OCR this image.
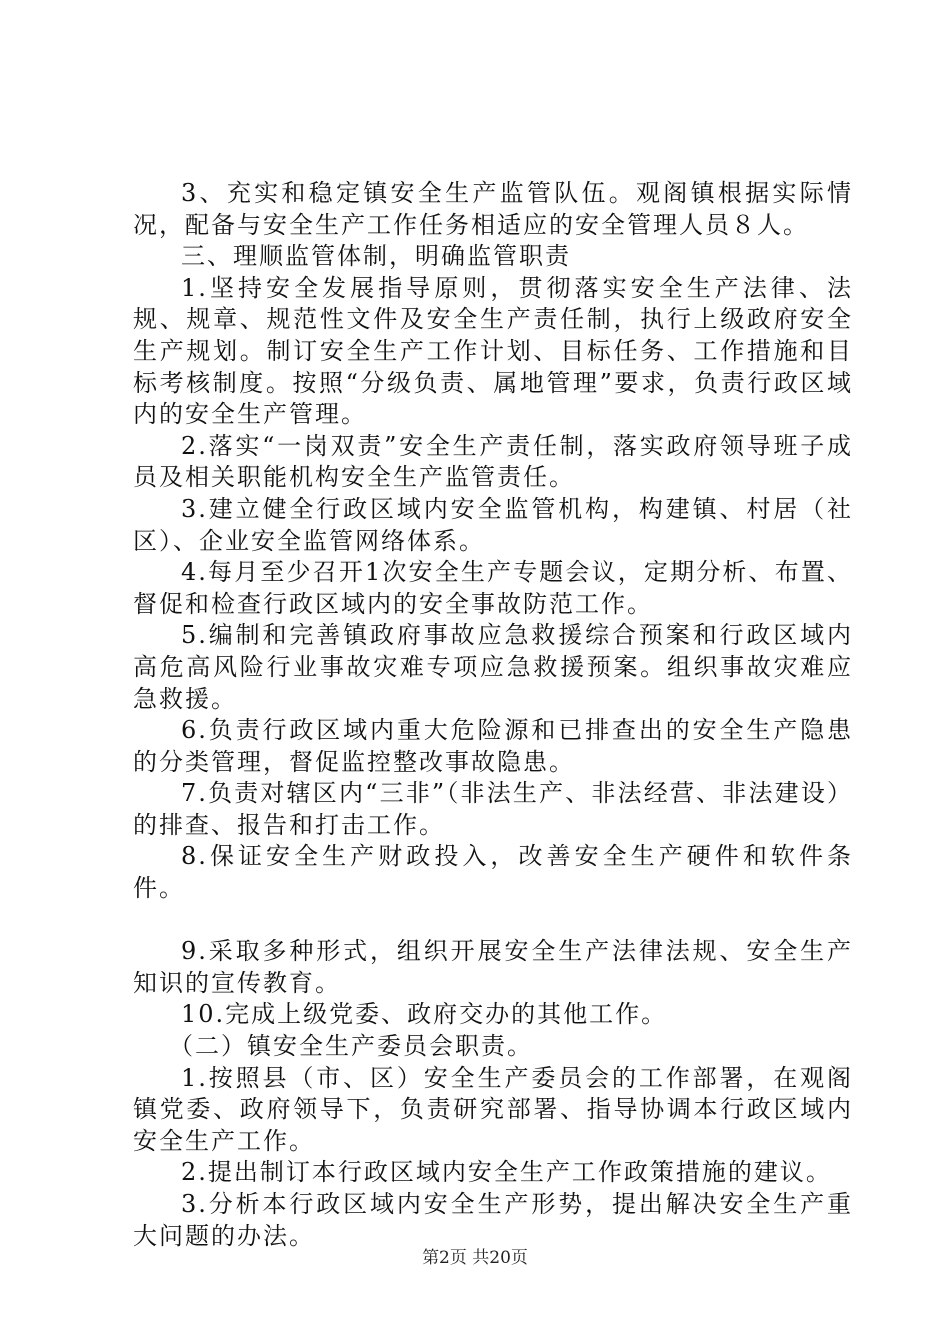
3、充实和稳定镇安全生产监管队伍。观阁镇根据实际情况，配备与安全生产工作任务相适应的安全管理人员８人。

三、理顺监管体制，明确监管职责

1.坚持安全发展指导原则，贯彻落实安全生产法律、法规、规章、规范性文件及安全生产责任制，执行上级政府安全生产规划。制订安全生产工作计划、目标任务、工作措施和目标考核制度。按照“分级负责、属地管理”要求，负责行政区域内的安全生产管理。

2.落实“一岗双责”安全生产责任制，落实政府领导班子成员及相关职能机构安全生产监管责任。

3.建立健全行政区域内安全监管机构，构建镇、村居（社区）、企业安全监管网络体系。

4.每月至少召开1次安全生产专题会议，定期分析、布置、督促和检查行政区域内的安全事故防范工作。

5.编制和完善镇政府事故应急救援综合预案和行政区域内高危高风险行业事故灾难专项应急救援预案。组织事故灾难应急救援。

6.负责行政区域内重大危险源和已排查出的安全生产隐患的分类管理，督促监控整改事故隐患。

7.负责对辖区内“三非”（非法生产、非法经营、非法建设）的排查、报告和打击工作。

8.保证安全生产财政投入，改善安全生产硬件和软件条件。

9.采取多种形式，组织开展安全生产法律法规、安全生产知识的宣传教育。

10.完成上级党委、政府交办的其他工作。

（二）镇安全生产委员会职责。

1.按照县（市、区）安全生产委员会的工作部署，在观阁镇党委、政府领导下，负责研究部署、指导协调本行政区域内安全生产工作。

2.提出制订本行政区域内安全生产工作政策措施的建议。

3.分析本行政区域内安全生产形势，提出解决安全生产重大问题的办法。

第2页 共20页
